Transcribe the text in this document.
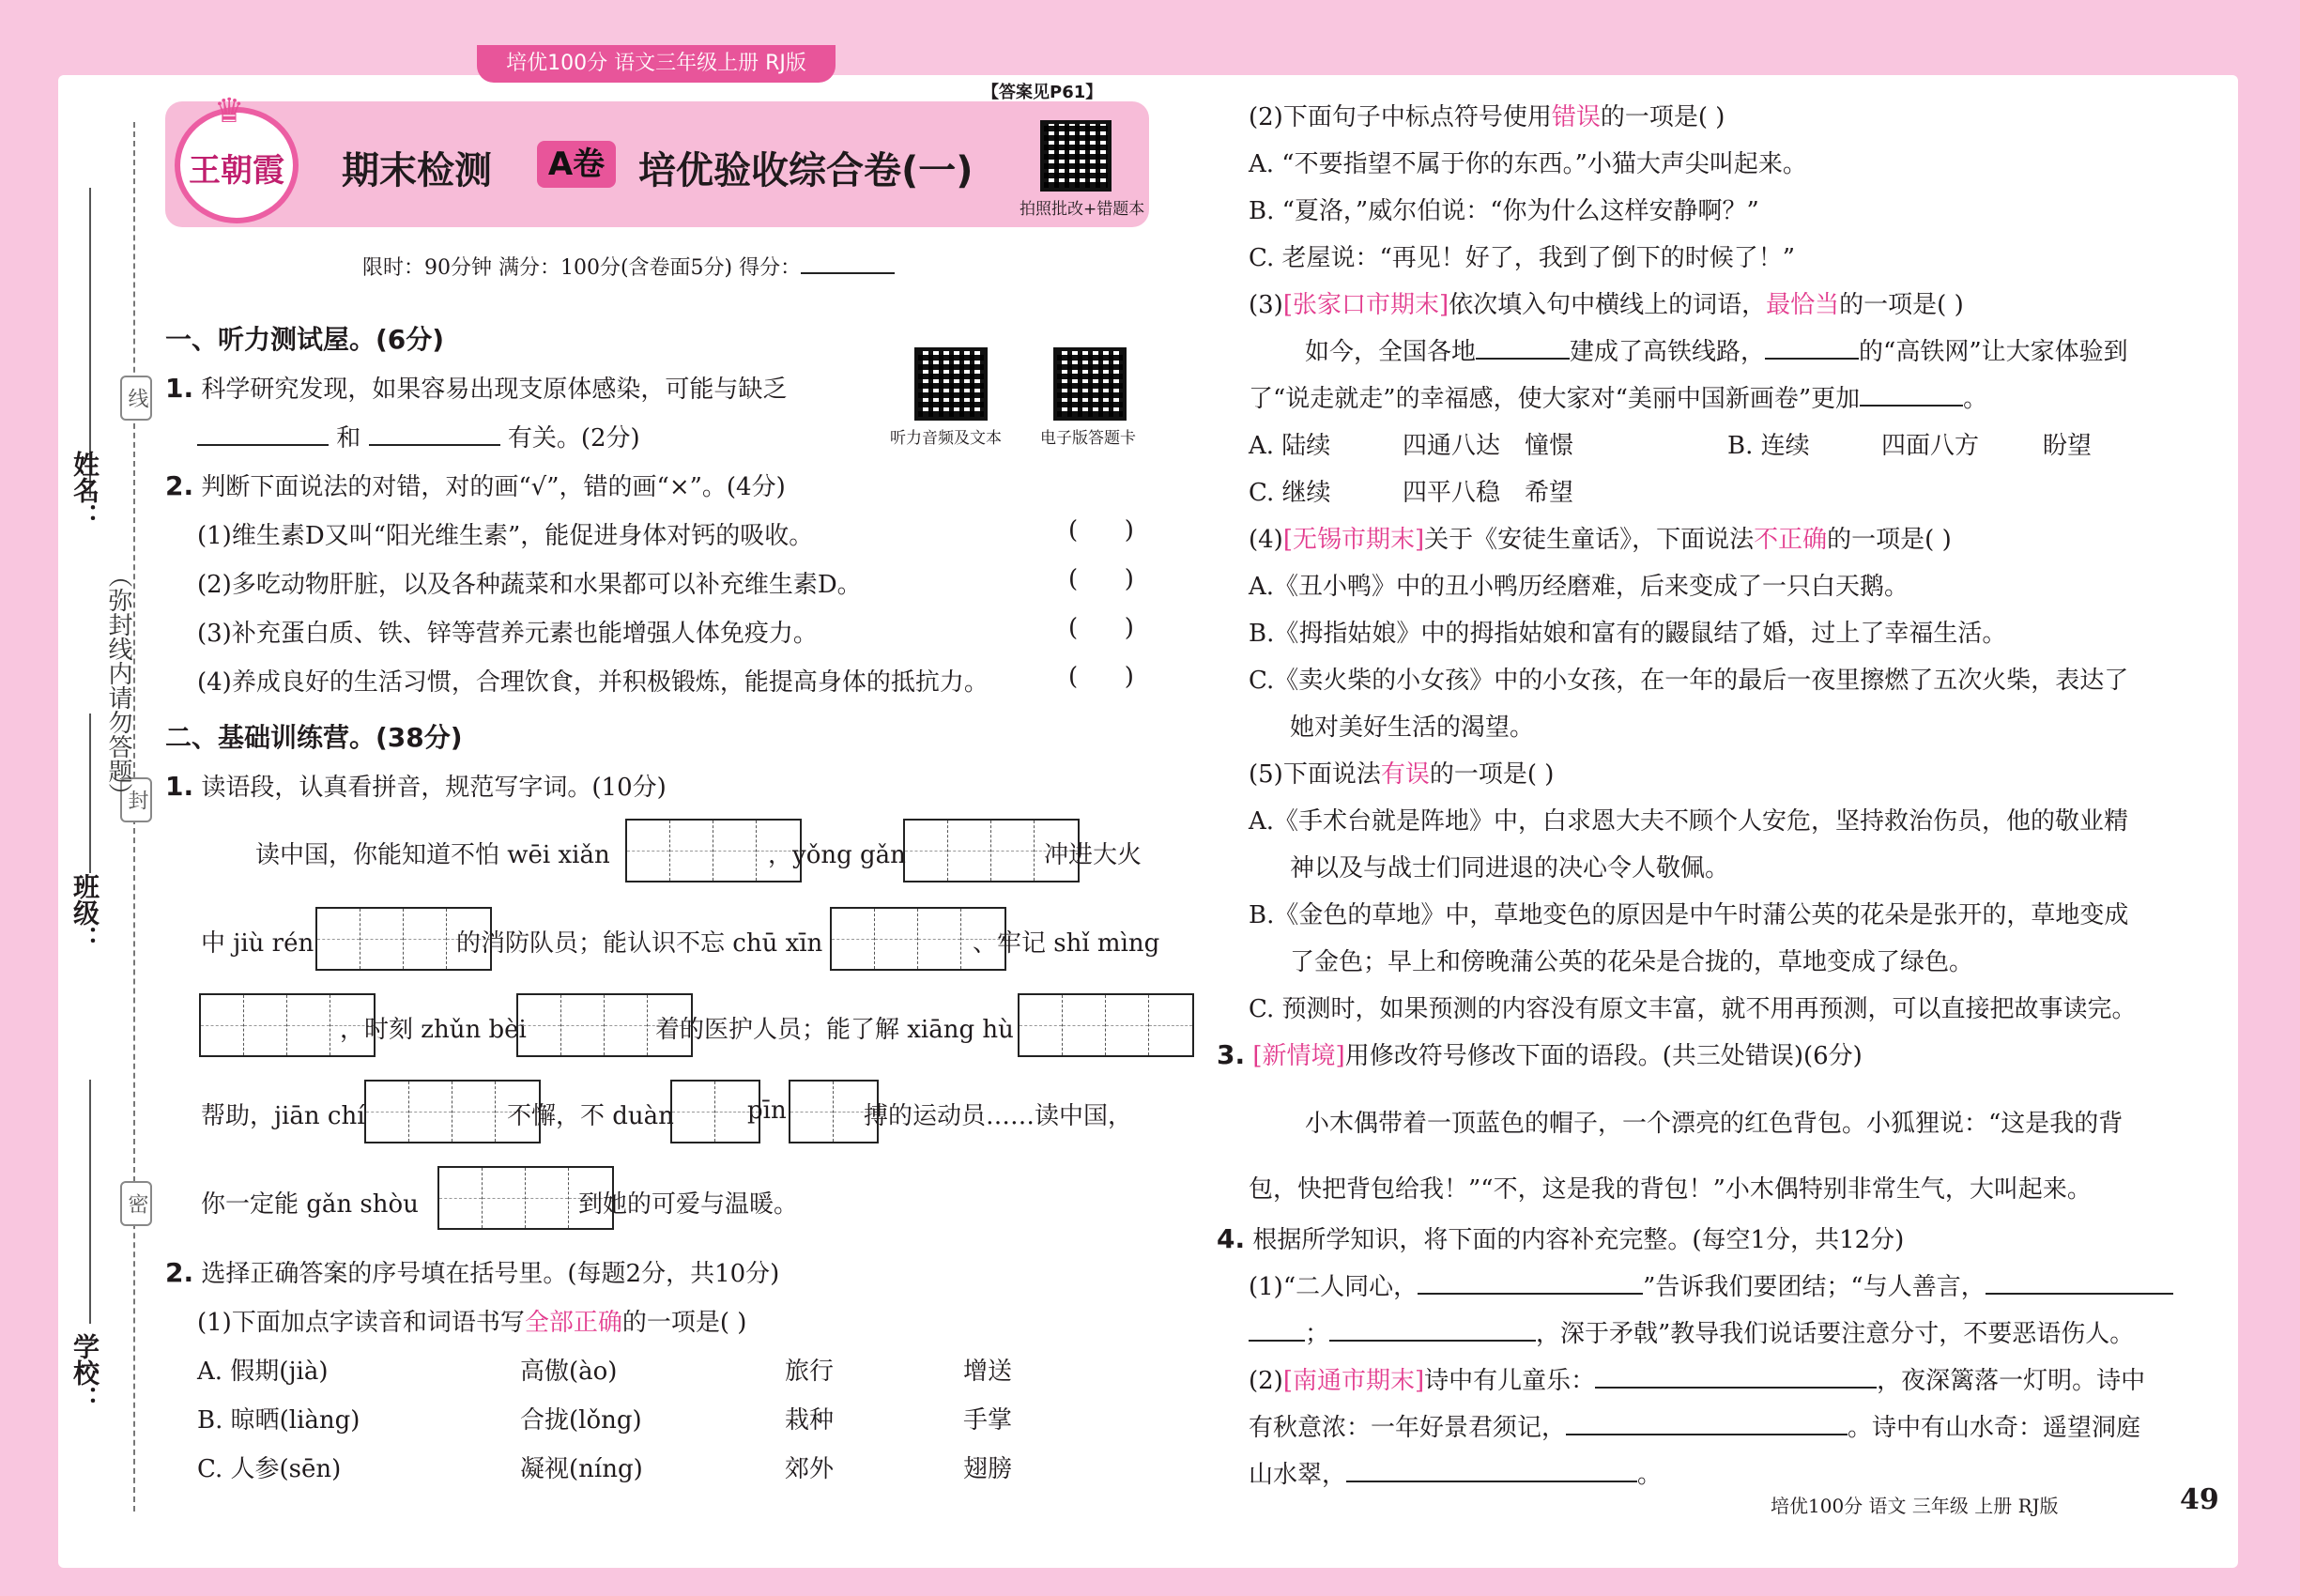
培优100分 语文三年级上册 RJ版
姓名：
班级：
学校：
线
封
密
（弥封线内请勿答题）
♛
王朝霞 期末检测	A卷 培优验收综合卷(一)
【答案见P61】
拍照批改+错题本
限时：90分钟 满分：100分(含卷面5分) 得分：
一、听力测试屋。(6分)
1. 科学研究发现，如果容易出现支原体感染，可能与缺乏
和	有关。(2分)	听力音频及文本 电子版答题卡
2. 判断下面说法的对错，对的画“√”，错的画“×”。(4分)
(1)维生素D又叫“阳光维生素”，能促进身体对钙的吸收。	(      )
(2)多吃动物肝脏，以及各种蔬菜和水果都可以补充维生素D。	(      )
(3)补充蛋白质、铁、锌等营养元素也能增强人体免疫力。	(      )
(4)养成良好的生活习惯，合理饮食，并积极锻炼，能提高身体的抵抗力。	(      )
二、基础训练营。(38分)
1. 读语段，认真看拼音，规范写字词。(10分)
读中国，你能知道不怕 wēi xiǎn	，yǒng gǎn	冲进大火
中 jiù rén	的消防队员；能认识不忘 chū xīn	、牢记 shǐ mìng
，时刻 zhǔn bèi	着的医护人员；能了解 xiāng hù
帮助，jiān chí	不懈，不 duàn	pīn	搏的运动员……读中国，
你一定能 gǎn shòu	到她的可爱与温暖。
2. 选择正确答案的序号填在括号里。(每题2分，共10分)
(1)下面加点字读音和词语书写全部正确的一项是( )
A. 假期(jià)	高傲(ào)	旅行	增送
B. 晾晒(liàng)	合拢(lǒng)	栽种	手掌
C. 人参(sēn)	凝视(níng)	郊外	翅膀
(2)下面句子中标点符号使用错误的一项是( )
A. “不要指望不属于你的东西。”小猫大声尖叫起来。
B. “夏洛，”威尔伯说：“你为什么这样安静啊？”
C. 老屋说：“再见！好了，我到了倒下的时候了！”
(3)[张家口市期末]依次填入句中横线上的词语，最恰当的一项是( )
如今，全国各地	建成了高铁线路，	的“高铁网”让大家体验到
了“说走就走”的幸福感，使大家对“美丽中国新画卷”更加	。
A. 陆续	四通八达 憧憬	B. 连续	四面八方	盼望
C. 继续	四平八稳 希望
(4)[无锡市期末]关于《安徒生童话》，下面说法不正确的一项是( )
A.《丑小鸭》中的丑小鸭历经磨难，后来变成了一只白天鹅。
B.《拇指姑娘》中的拇指姑娘和富有的鼹鼠结了婚，过上了幸福生活。
C.《卖火柴的小女孩》中的小女孩，在一年的最后一夜里擦燃了五次火柴，表达了
她对美好生活的渴望。
(5)下面说法有误的一项是( )
A.《手术台就是阵地》中，白求恩大夫不顾个人安危，坚持救治伤员，他的敬业精
神以及与战士们同进退的决心令人敬佩。
B.《金色的草地》中，草地变色的原因是中午时蒲公英的花朵是张开的，草地变成
了金色；早上和傍晚蒲公英的花朵是合拢的，草地变成了绿色。
C. 预测时，如果预测的内容没有原文丰富，就不用再预测，可以直接把故事读完。
3. [新情境]用修改符号修改下面的语段。(共三处错误)(6分)
小木偶带着一顶蓝色的帽子，一个漂亮的红色背包。小狐狸说：“这是我的背
包，快把背包给我！”“不，这是我的背包！”小木偶特别非常生气，大叫起来。
4. 根据所学知识，将下面的内容补充完整。(每空1分，共12分)
(1)“二人同心，	”告诉我们要团结；“与人善言，
；	，深于矛戟”教导我们说话要注意分寸，不要恶语伤人。
(2)[南通市期末]诗中有儿童乐：	，夜深篱落一灯明。诗中
有秋意浓：一年好景君须记，	。诗中有山水奇：遥望洞庭
山水翠，	。
培优100分 语文 三年级 上册 RJ版	49
